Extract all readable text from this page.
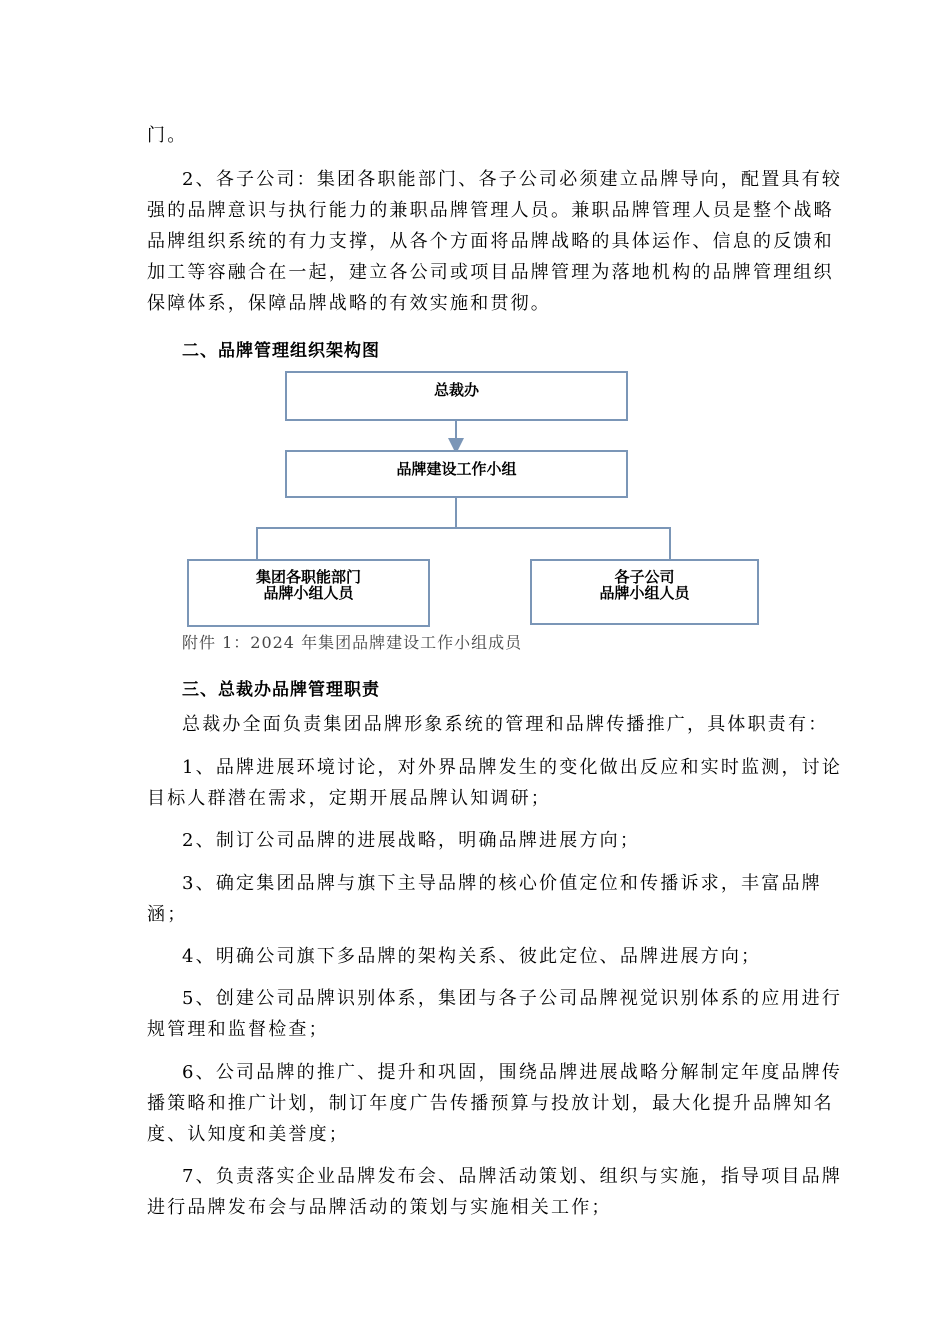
门。
2、各子公司：集团各职能部门、各子公司必须建立品牌导向，配置具有较
强的品牌意识与执行能力的兼职品牌管理人员。兼职品牌管理人员是整个战略
品牌组织系统的有力支撑，从各个方面将品牌战略的具体运作、信息的反馈和
加工等容融合在一起，建立各公司或项目品牌管理为落地机构的品牌管理组织
保障体系，保障品牌战略的有效实施和贯彻。
二、品牌管理组织架构图
总裁办
品牌建设工作小组
集团各职能部门
品牌小组人员
各子公司
品牌小组人员
附件 1：2024 年集团品牌建设工作小组成员
三、总裁办品牌管理职责
总裁办全面负责集团品牌形象系统的管理和品牌传播推广，具体职责有：
1、品牌进展环境讨论，对外界品牌发生的变化做出反应和实时监测，讨论
目标人群潜在需求，定期开展品牌认知调研；
2、制订公司品牌的进展战略，明确品牌进展方向；
3、确定集团品牌与旗下主导品牌的核心价值定位和传播诉求，丰富品牌
涵；
4、明确公司旗下多品牌的架构关系、彼此定位、品牌进展方向；
5、创建公司品牌识别体系，集团与各子公司品牌视觉识别体系的应用进行
规管理和监督检查；
6、公司品牌的推广、提升和巩固，围绕品牌进展战略分解制定年度品牌传
播策略和推广计划，制订年度广告传播预算与投放计划，最大化提升品牌知名
度、认知度和美誉度；
7、负责落实企业品牌发布会、品牌活动策划、组织与实施，指导项目品牌
进行品牌发布会与品牌活动的策划与实施相关工作；
